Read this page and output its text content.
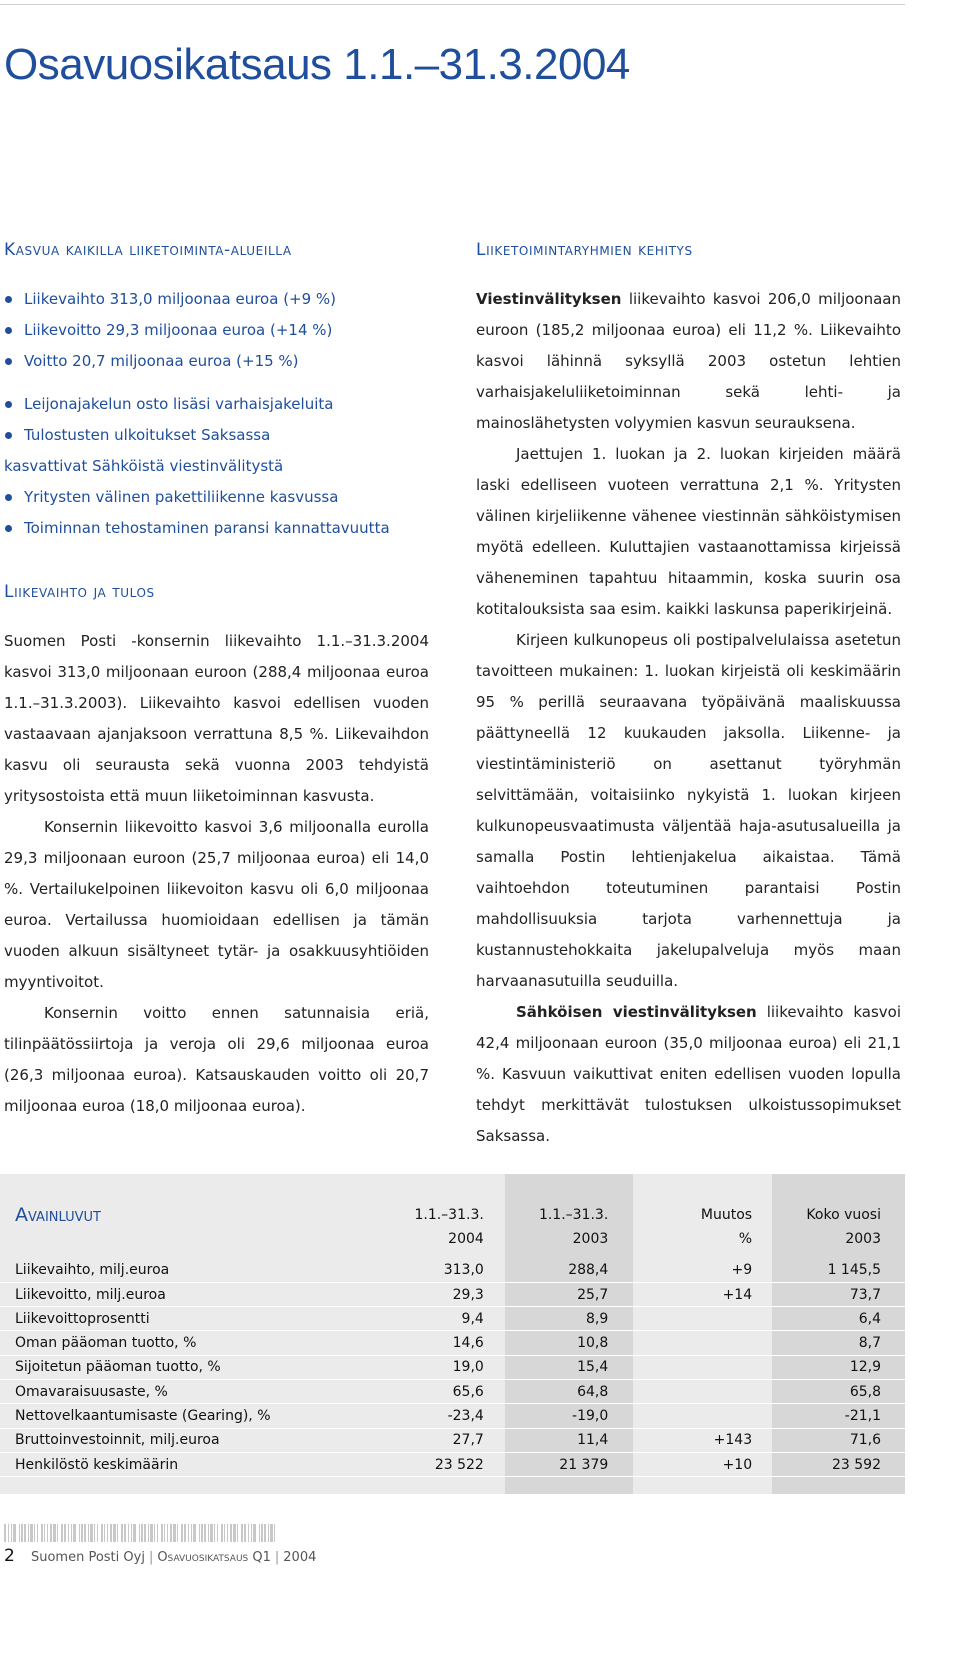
Osavuosikatsaus 1.1.–31.3.2004
Kasvua kaikilla liiketoiminta-alueilla
Liikevaihto 313,0 miljoonaa euroa (+9 %)
Liikevoitto 29,3 miljoonaa euroa (+14 %)
Voitto 20,7 miljoonaa euroa (+15 %)
Leijonajakelun osto lisäsi varhaisjakeluita
Tulostusten ulkoitukset Saksassa
kasvattivat Sähköistä viestinvälitystä
Yritysten välinen pakettiliikenne kasvussa
Toiminnan tehostaminen paransi kannattavuutta
Liikevaihto ja tulos

Suomen Posti -konsernin liikevaihto 1.1.–31.3.2004 kasvoi 313,0 miljoonaan euroon (288,4 miljoonaa euroa 1.1.–31.3.2003). Liikevaihto kasvoi edellisen vuoden vastaavaan ajanjaksoon verrattuna 8,5 %. Liikevaihdon kasvu oli seurausta sekä vuonna 2003 tehdyistä yritysostoista että muun liiketoiminnan kasvusta.

Konsernin liikevoitto kasvoi 3,6 miljoonalla eurolla 29,3 miljoonaan euroon (25,7 miljoonaa euroa) eli 14,0 %. Vertailukelpoinen liikevoiton kasvu oli 6,0 miljoonaa euroa. Vertailussa huomioidaan edellisen ja tämän vuoden alkuun sisältyneet tytär- ja osakkuusyhtiöiden myyntivoitot.

Konsernin voitto ennen satunnaisia eriä, tilinpäätössiirtoja ja veroja oli 29,6 miljoonaa euroa (26,3 miljoonaa euroa). Katsauskauden voitto oli 20,7 miljoonaa euroa (18,0 miljoonaa euroa).

Liiketoimintaryhmien kehitys

Viestinvälityksen liikevaihto kasvoi 206,0 miljoonaan euroon (185,2 miljoonaa euroa) eli 11,2 %. Liikevaihto kasvoi lähinnä syksyllä 2003 ostetun lehtien varhaisjakeluliiketoiminnan sekä lehti- ja mainoslähetysten volyymien kasvun seurauksena.

Jaettujen 1. luokan ja 2. luokan kirjeiden määrä laski edelliseen vuoteen verrattuna 2,1 %. Yritysten välinen kirjeliikenne vähenee viestinnän sähköistymisen myötä edelleen. Kuluttajien vastaanottamissa kirjeissä väheneminen tapahtuu hitaammin, koska suurin osa kotitalouksista saa esim. kaikki laskunsa paperikirjeinä.

Kirjeen kulkunopeus oli postipalvelulaissa asetetun tavoitteen mukainen: 1. luokan kirjeistä oli keskimäärin 95 % perillä seuraavana työpäivänä maaliskuussa päättyneellä 12 kuukauden jaksolla. Liikenne- ja viestintäministeriö on asettanut työryhmän selvittämään, voitaisiinko nykyistä 1. luokan kirjeen kulkunopeusvaatimusta väljentää haja-asutusalueilla ja samalla Postin lehtienjakelua aikaistaa. Tämä vaihtoehdon toteutuminen parantaisi Postin mahdollisuuksia tarjota varhennettuja ja kustannustehokkaita jakelupalveluja myös maan harvaanasutuilla seuduilla.

Sähköisen viestinvälityksen liikevaihto kasvoi 42,4 miljoonaan euroon (35,0 miljoonaa euroa) eli 21,1 %. Kasvuun vaikuttivat eniten edellisen vuoden lopulla tehdyt merkittävät tulostuksen ulkoistussopimukset Saksassa.

Avainluvut	1.1.–31.3.	1.1.–31.3.	Muutos	Koko vuosi
	2004	2003	%	2003

Liikevaihto, milj.euroa	313,0	288,4	+9	1 145,5
Liikevoitto, milj.euroa	29,3	25,7	+14	73,7
Liikevoittoprosentti	9,4	8,9		6,4
Oman pääoman tuotto, %	14,6	10,8		8,7
Sijoitetun pääoman tuotto, %	19,0	15,4		12,9
Omavaraisuusaste, %	65,6	64,8		65,8
Nettovelkaantumisaste (Gearing), %	-23,4	-19,0		-21,1
Bruttoinvestoinnit, milj.euroa	27,7	11,4	+143	71,6
Henkilöstö keskimäärin	23 522	21 379	+10	23 592
2 Suomen Posti Oyj | Osavuosikatsaus Q1 | 2004
